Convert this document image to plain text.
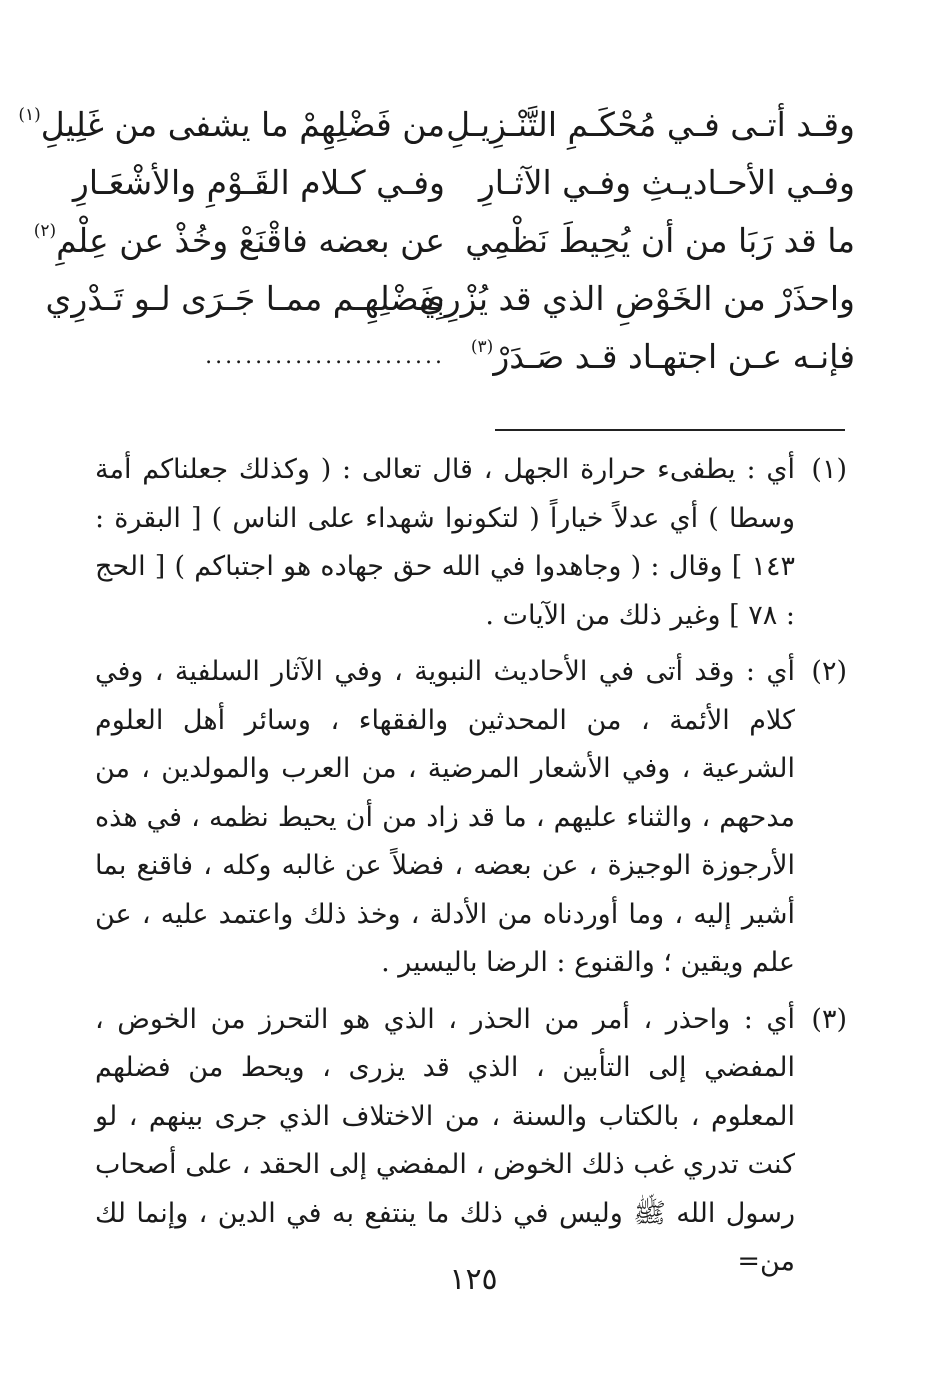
وقـد أتـى فـي مُحْكَـمِ التَّنْـزِيـلِ
من فَضْلِهِمْ ما يشفى من غَلِيلِ$^{(١)}$
وفـي الأحـاديـثِ وفـي الآثـارِ
وفـي كـلام القَـوْمِ والأشْعَـارِ
ما قد رَبَا من أن يُحِيطَ نَظْمِي
عن بعضه فاقْنَعْ وخُذْ عن عِلْمِ$^{(٢)}$
واحذَرْ من الخَوْضِ الذي قد يُزْرِي
بِفَضْلِهِـم ممـا جَـرَى لـو تَـدْرِي
فإنـه عـن اجتهـاد قـد صَـدَرْ$^{(٣)}$
........................
(١)
أي : يطفىء حرارة الجهل ، قال تعالى : ( وكذلك جعلناكم أمة وسطا ) أي عدلاً خياراً ( لتكونوا شهداء على الناس ) [ البقرة : ١٤٣ ] وقال : ( وجاهدوا في الله حق جهاده هو اجتباكم ) [ الحج : ٧٨ ] وغير ذلك من الآيات .
(٢)
أي : وقد أتى في الأحاديث النبوية ، وفي الآثار السلفية ، وفي كلام الأئمة ، من المحدثين والفقهاء ، وسائر أهل العلوم الشرعية ، وفي الأشعار المرضية ، من العرب والمولدين ، من مدحهم ، والثناء عليهم ، ما قد زاد من أن يحيط نظمه ، في هذه الأرجوزة الوجيزة ، عن بعضه ، فضلاً عن غالبه وكله ، فاقنع بما أشير إليه ، وما أوردناه من الأدلة ، وخذ ذلك واعتمد عليه ، عن علم ويقين ؛ والقنوع : الرضا باليسير .
(٣)
أي : واحذر ، أمر من الحذر ، الذي هو التحرز من الخوض ، المفضي إلى التأبين ، الذي قد يزرى ، ويحط من فضلهم المعلوم ، بالكتاب والسنة ، من الاختلاف الذي جرى بينهم ، لو كنت تدري غب ذلك الخوض ، المفضي إلى الحقد ، على أصحاب رسول الله ﷺ وليس في ذلك ما ينتفع به في الدين ، وإنما لك من=
١٢٥
